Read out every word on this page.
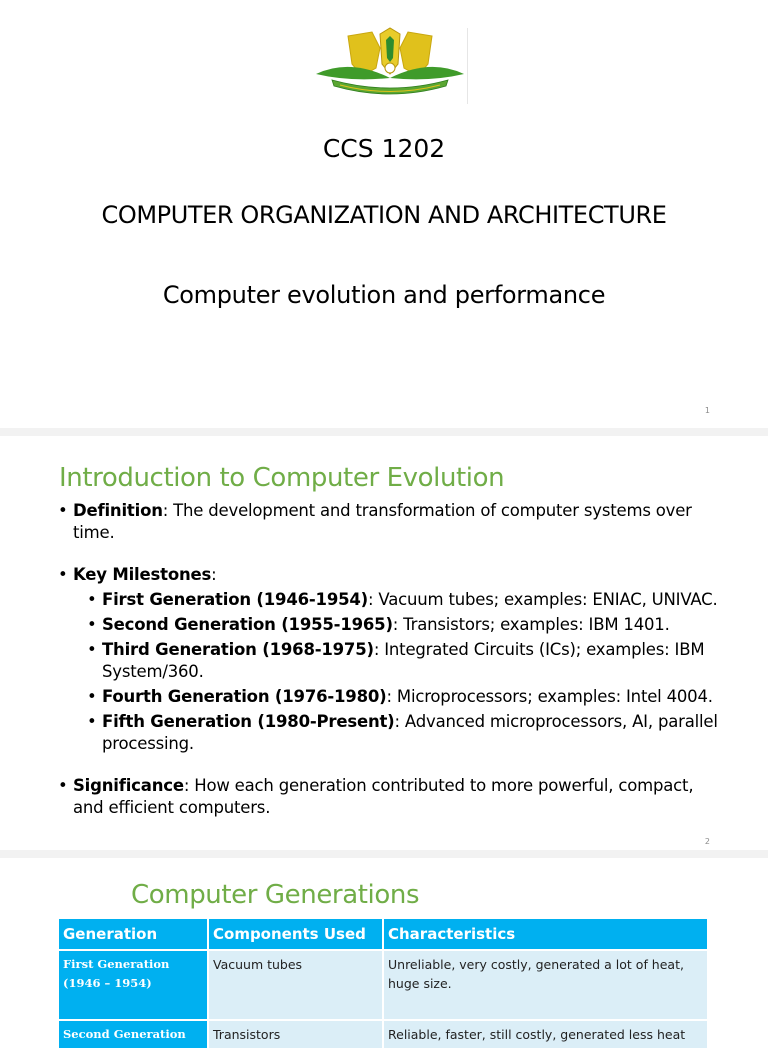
CCS 1202
COMPUTER ORGANIZATION AND ARCHITECTURE
Computer evolution and performance
1
Introduction to Computer Evolution
• Definition: The development and transformation of computer systems over time.
• Key Milestones:
• First Generation (1946-1954): Vacuum tubes; examples: ENIAC, UNIVAC.
• Second Generation (1955-1965): Transistors; examples: IBM 1401.
• Third Generation (1968-1975): Integrated Circuits (ICs); examples: IBM System/360.
• Fourth Generation (1976-1980): Microprocessors; examples: Intel 4004.
• Fifth Generation (1980-Present): Advanced microprocessors, AI, parallel processing.
• Significance: How each generation contributed to more powerful, compact, and efficient computers.
2
Computer Generations
Generation	Components Used	Characteristics
First Generation (1946 – 1954)	Vacuum tubes	Unreliable, very costly, generated a lot of heat, huge size.
Second Generation	Transistors	Reliable, faster, still costly, generated less heat
